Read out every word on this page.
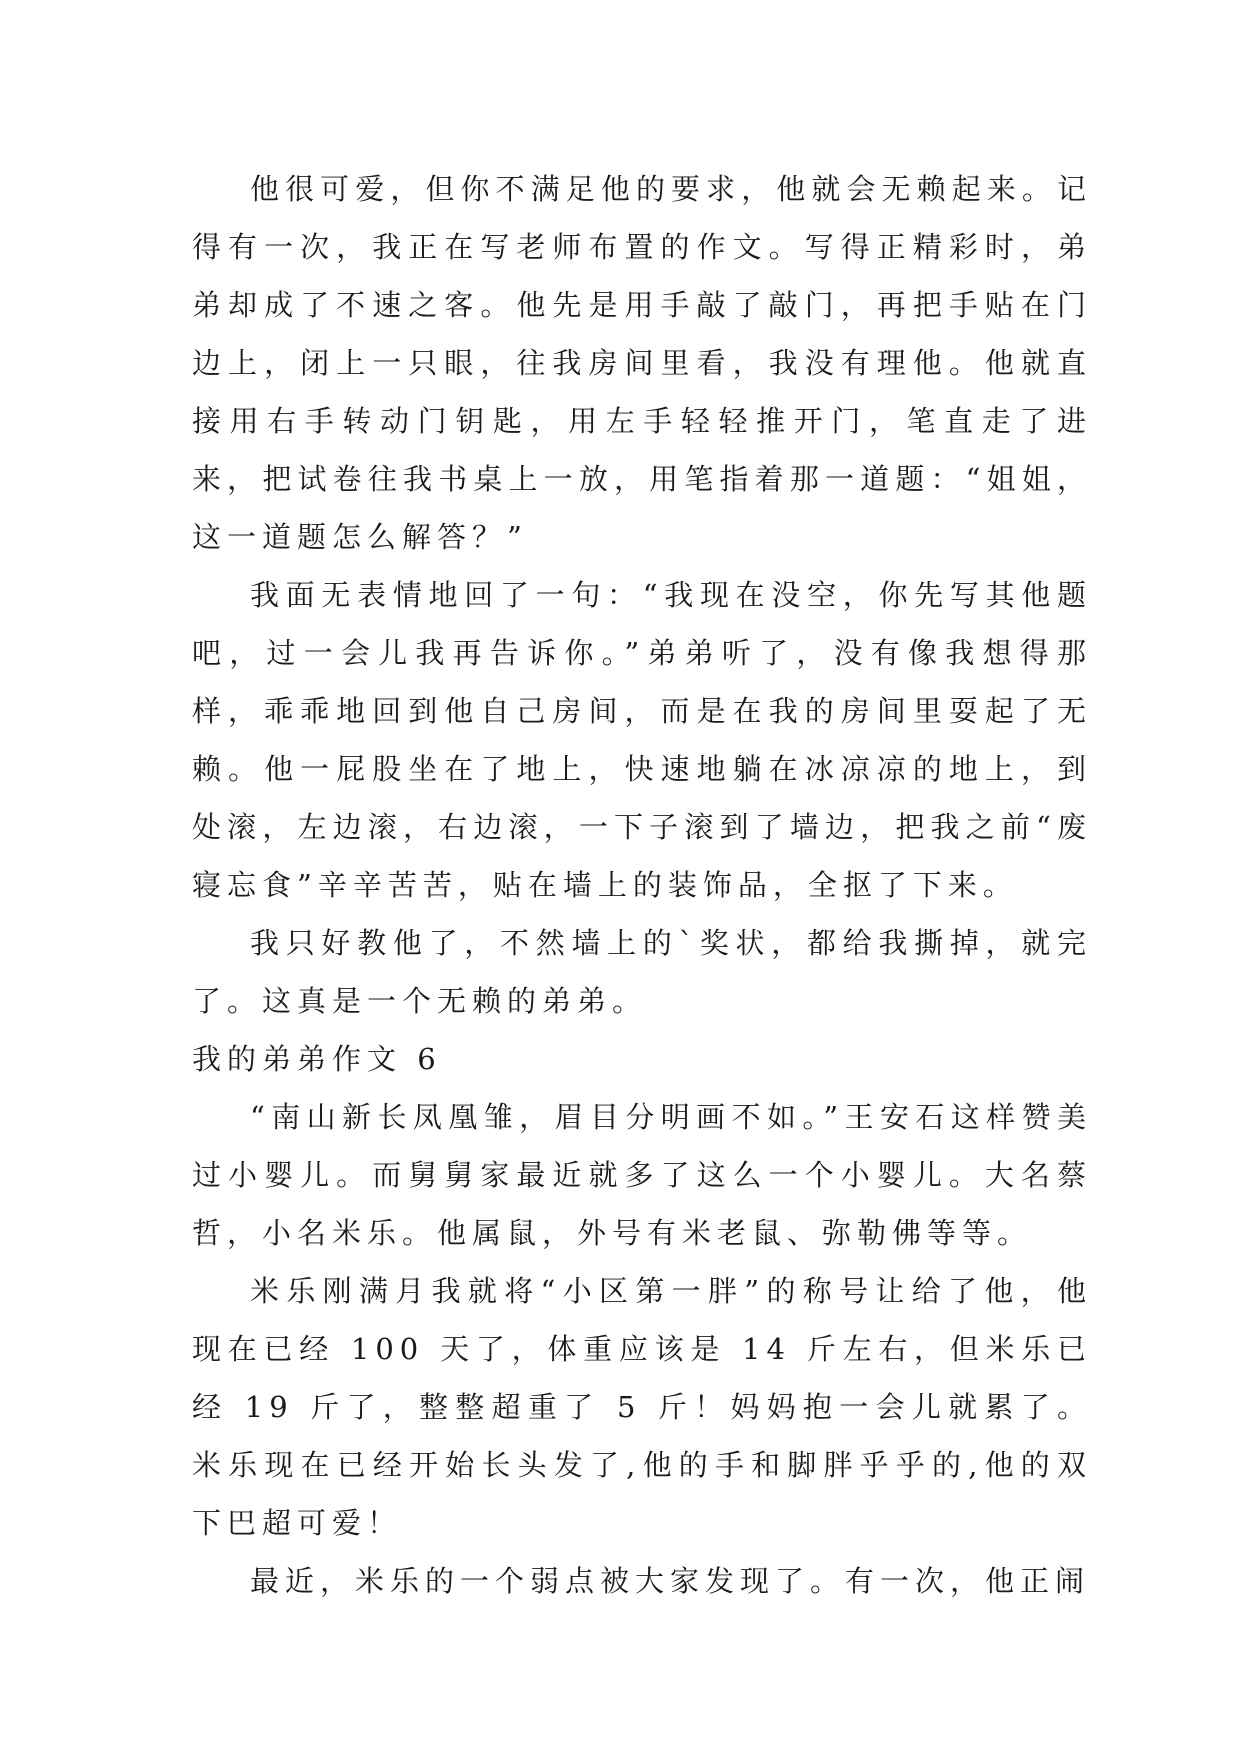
他很可爱，但你不满足他的要求，他就会无赖起来。记得有一次，我正在写老师布置的作文。写得正精彩时，弟弟却成了不速之客。他先是用手敲了敲门，再把手贴在门边上，闭上一只眼，往我房间里看，我没有理他。他就直接用右手转动门钥匙，用左手轻轻推开门，笔直走了进来，把试卷往我书桌上一放，用笔指着那一道题：“姐姐，这一道题怎么解答？”

我面无表情地回了一句：“我现在没空，你先写其他题吧，过一会儿我再告诉你。”弟弟听了，没有像我想得那样，乖乖地回到他自己房间，而是在我的房间里耍起了无赖。他一屁股坐在了地上，快速地躺在冰凉凉的地上，到处滚，左边滚，右边滚，一下子滚到了墙边，把我之前“废寝忘食”辛辛苦苦，贴在墙上的装饰品，全抠了下来。

我只好教他了，不然墙上的`奖状，都给我撕掉，就完了。这真是一个无赖的弟弟。

我的弟弟作文 6

“南山新长凤凰雏，眉目分明画不如。”王安石这样赞美过小婴儿。而舅舅家最近就多了这么一个小婴儿。大名蔡哲，小名米乐。他属鼠，外号有米老鼠、弥勒佛等等。

米乐刚满月我就将“小区第一胖”的称号让给了他，他现在已经 100 天了，体重应该是 14 斤左右，但米乐已经 19 斤了，整整超重了 5 斤！妈妈抱一会儿就累了。米乐现在已经开始长头发了,他的手和脚胖乎乎的,他的双下巴超可爱！

最近，米乐的一个弱点被大家发现了。有一次，他正闹
